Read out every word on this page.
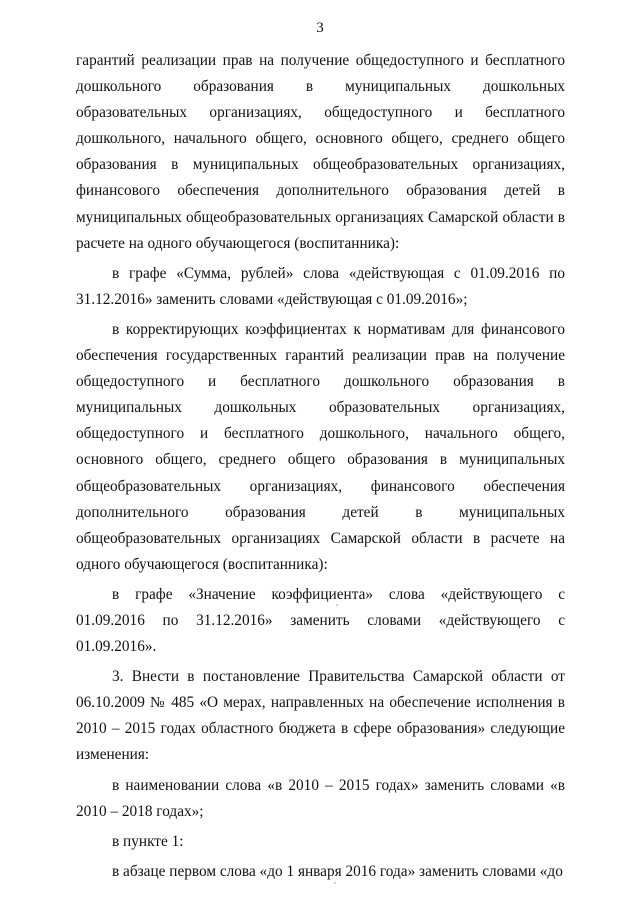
3

гарантий реализации прав на получение общедоступного и бесплатного дошкольного образования в муниципальных дошкольных образовательных организациях, общедоступного и бесплатного дошкольного, начального общего, основного общего, среднего общего образования в муниципальных общеобразовательных организациях, финансового обеспечения дополнительного образования детей в муниципальных общеобразовательных организациях Самарской области в расчете на одного обучающегося (воспитанника):

в графе «Сумма, рублей» слова «действующая с 01.09.2016 по 31.12.2016» заменить словами «действующая с 01.09.2016»;

в корректирующих коэффициентах к нормативам для финансового обеспечения государственных гарантий реализации прав на получение общедоступного и бесплатного дошкольного образования в муниципальных дошкольных образовательных организациях, общедоступного и бесплатного дошкольного, начального общего, основного общего, среднего общего образования в муниципальных общеобразовательных организациях, финансового обеспечения дополнительного образования детей в муниципальных общеобразовательных организациях Самарской области в расчете на одного обучающегося (воспитанника):

в графе «Значение коэффициента» слова «действующего с 01.09.2016 по 31.12.2016» заменить словами «действующего с 01.09.2016».

3. Внести в постановление Правительства Самарской области от 06.10.2009 № 485 «О мерах, направленных на обеспечение исполнения в 2010 – 2015 годах областного бюджета в сфере образования» следующие изменения:

в наименовании слова «в 2010 – 2015 годах» заменить словами «в 2010 – 2018 годах»;

в пункте 1:

в абзаце первом слова «до 1 января 2016 года» заменить словами «до
